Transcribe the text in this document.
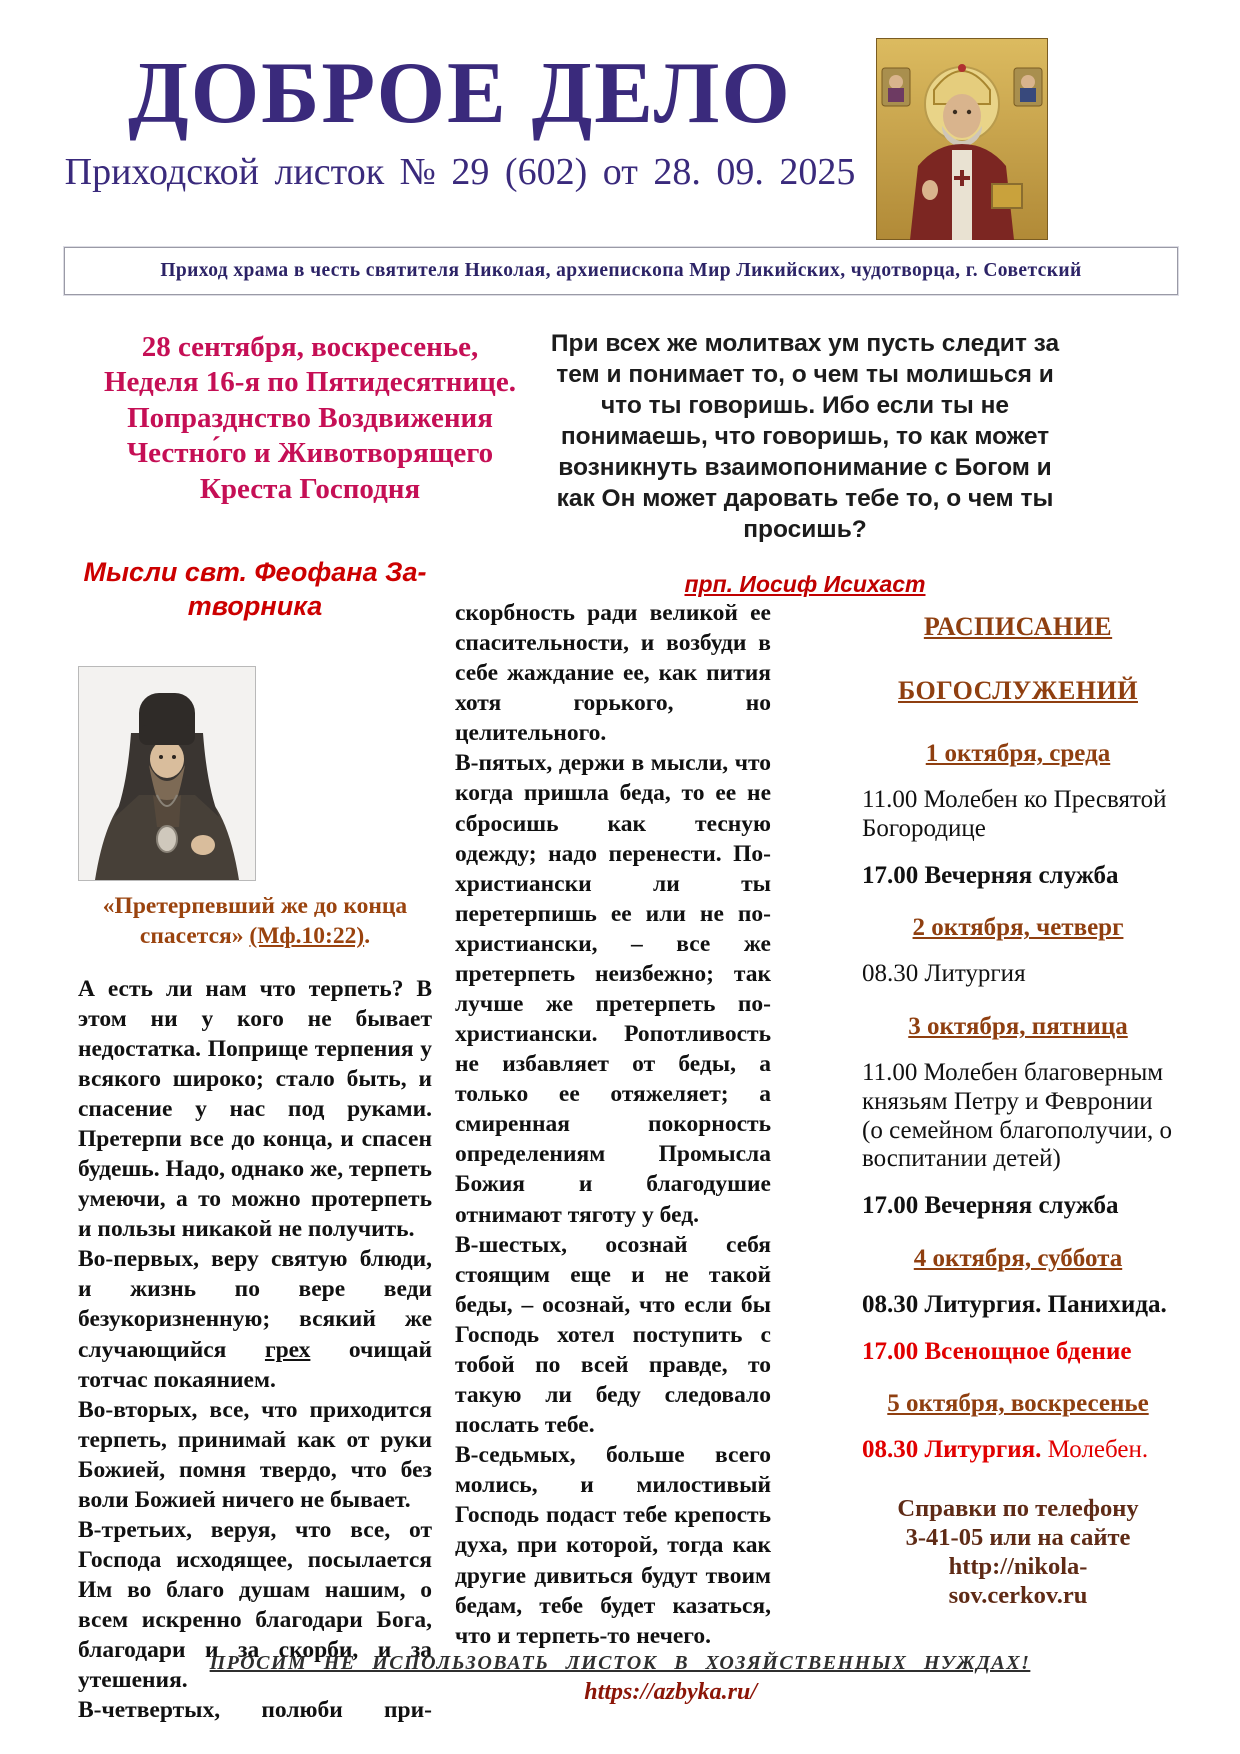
ДОБРОЕ ДЕЛО
Приходской листок № 29 (602) от 28. 09. 2025
Приход храма в честь святителя Николая, архиепископа Мир Ликийских, чудотворца, г. Советский
28 сентября, воскресенье,
Неделя 16-я по Пятидесятнице.
Попразднство Воздвижения
Честно́го и Животворящего
Креста Господня

При всех же молитвах ум пусть следит за тем и понимает то, о чем ты молишься и что ты говоришь. Ибо если ты не понимаешь, что говоришь, то как может возникнуть взаимопонимание с Богом и как Он может даровать тебе то, о чем ты просишь?

прп. Иосиф Исихаст
Мысли свт. Феофана За-творника
«Претерпевший же до конца спасется» (Мф.10:22).

А есть ли нам что терпеть? В этом ни у кого не бывает недостатка. Поприще терпения у всякого широко; стало быть, и спасение у нас под руками. Претерпи все до конца, и спасен будешь. Надо, однако же, терпеть умеючи, а то можно протерпеть и пользы никакой не получить.

Во-первых, веру святую блюди, и жизнь по вере веди безукоризненную; всякий же случающийся грех очищай тотчас покаянием.

Во-вторых, все, что приходится терпеть, принимай как от руки Божией, помня твердо, что без воли Божией ничего не бывает.

В-третьих, веруя, что все, от Господа исходящее, посылается Им во благо душам нашим, о всем искренно благодари Бога, благодари и за скорби, и за утешения.

В-четвертых, полюби при-

скорбность ради великой ее спасительности, и возбуди в себе жаждание ее, как пития хотя горького, но целительного.

В-пятых, держи в мысли, что когда пришла беда, то ее не сбросишь как тесную одежду; надо перенести. По-христиански ли ты перетерпишь ее или не по-христиански, – все же претерпеть неизбежно; так лучше же претерпеть по-христиански. Ропотливость не избавляет от беды, а только ее отяжеляет; а смиренная покорность определениям Промысла Божия и благодушие отнимают тяготу у бед.

В-шестых, осознай себя стоящим еще и не такой беды, – осознай, что если бы Господь хотел поступить с тобой по всей правде, то такую ли беду следовало послать тебе.

В-седьмых, больше всего молись, и милостивый Господь подаст тебе крепость духа, при которой, тогда как другие дивиться будут твоим бедам, тебе будет казаться, что и терпеть-то нечего.

https://azbyka.ru/
РАСПИСАНИЕ
БОГОСЛУЖЕНИЙ
1 октября, среда
11.00 Молебен ко Пресвятой Богородице
17.00 Вечерняя служба
2 октября, четверг
08.30 Литургия
3 октября, пятница
11.00 Молебен благоверным князьям Петру и Февронии (о семейном благополучии, о воспитании детей)
17.00 Вечерняя служба
4 октября, суббота
08.30 Литургия. Панихида.
17.00 Всенощное бдение
5 октября, воскресенье
08.30 Литургия. Молебен.
Справки по телефону
3-41-05 или на сайте
http://nikola-
sov.cerkov.ru
ПРОСИМ НЕ ИСПОЛЬЗОВАТЬ ЛИСТОК В ХОЗЯЙСТВЕННЫХ НУЖДАХ!
